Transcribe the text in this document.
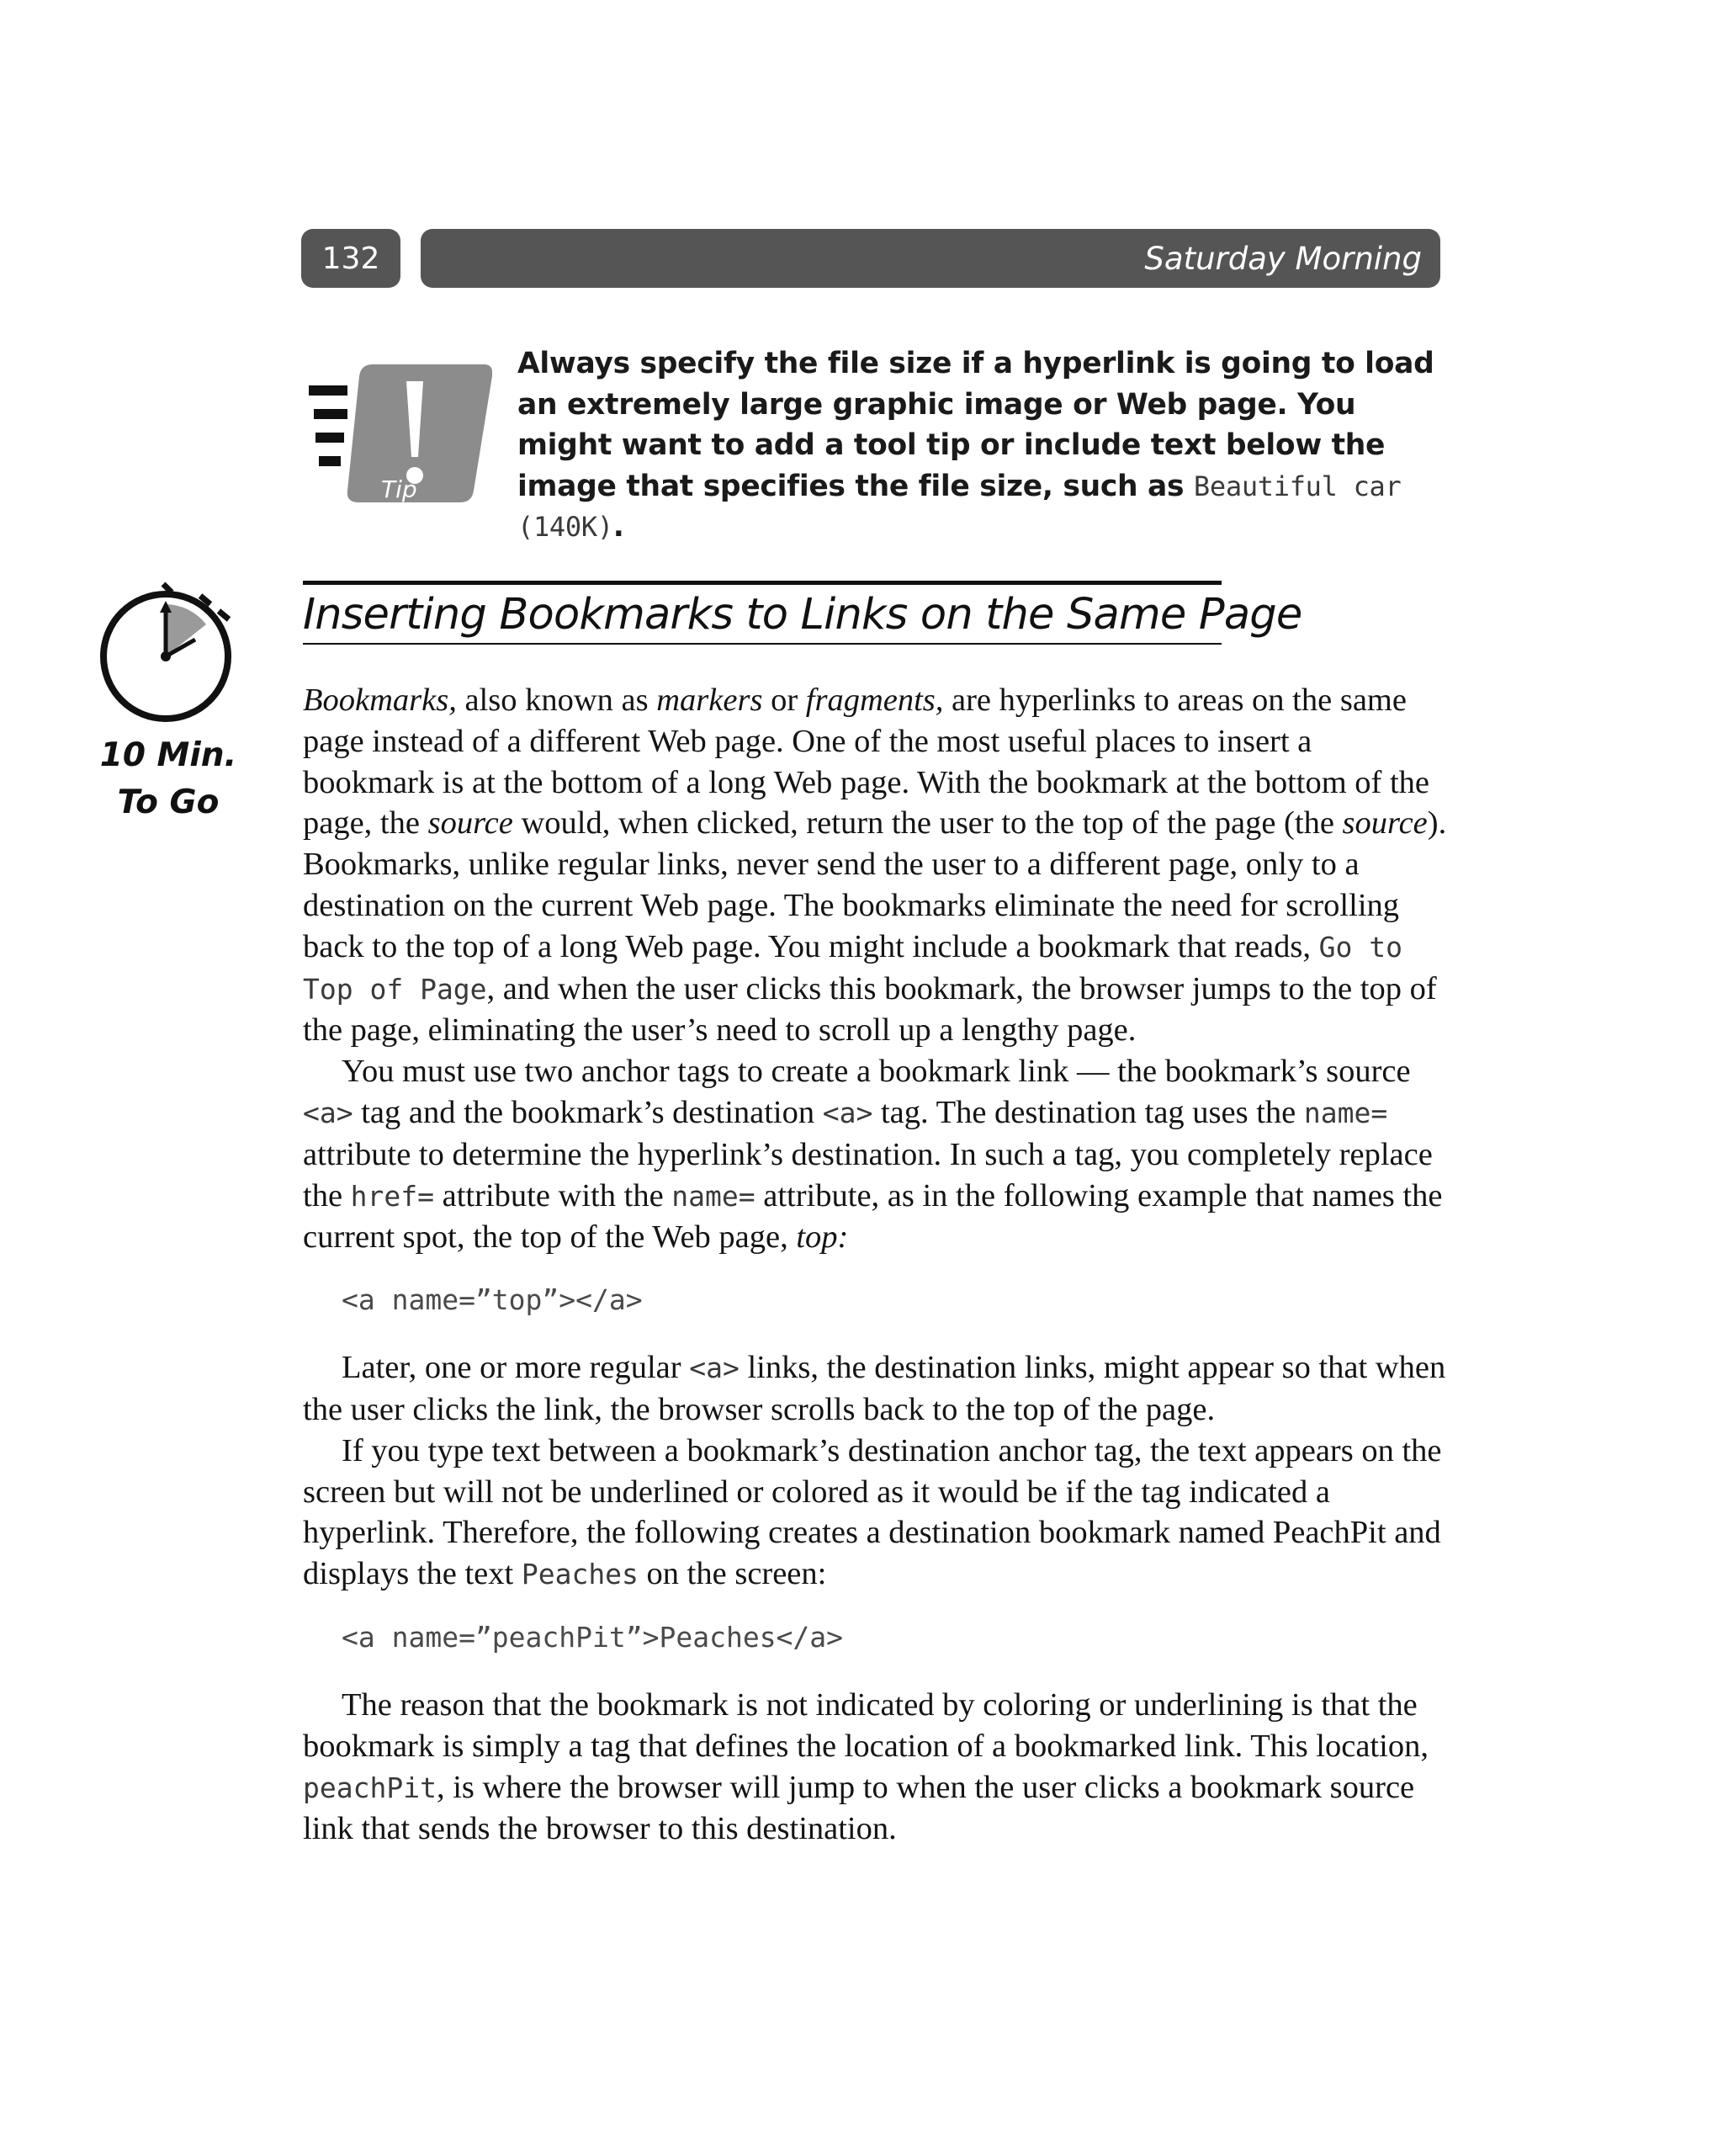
132	Saturday Morning
Tip
Always specify the file size if a hyperlink is going to load an extremely large graphic image or Web page. You might want to add a tool tip or include text below the image that specifies the file size, such as Beautiful car (140K).
10 Min.
To Go
Inserting Bookmarks to Links on the Same Page

Bookmarks, also known as markers or fragments, are hyperlinks to areas on the same page instead of a different Web page. One of the most useful places to insert a bookmark is at the bottom of a long Web page. With the bookmark at the bottom of the page, the source would, when clicked, return the user to the top of the page (the source). Bookmarks, unlike regular links, never send the user to a different page, only to a destination on the current Web page. The bookmarks eliminate the need for scrolling back to the top of a long Web page. You might include a bookmark that reads, Go to Top of Page, and when the user clicks this bookmark, the browser jumps to the top of the page, eliminating the user’s need to scroll up a lengthy page.

You must use two anchor tags to create a bookmark link — the bookmark’s source <a> tag and the bookmark’s destination <a> tag. The destination tag uses the name= attribute to determine the hyperlink’s destination. In such a tag, you completely replace the href= attribute with the name= attribute, as in the following example that names the current spot, the top of the Web page, top:

<a name=”top”></a>

Later, one or more regular <a> links, the destination links, might appear so that when the user clicks the link, the browser scrolls back to the top of the page.

If you type text between a bookmark’s destination anchor tag, the text appears on the screen but will not be underlined or colored as it would be if the tag indicated a hyperlink. Therefore, the following creates a destination bookmark named PeachPit and displays the text Peaches on the screen:

<a name=”peachPit”>Peaches</a>

The reason that the bookmark is not indicated by coloring or underlining is that the bookmark is simply a tag that defines the location of a bookmarked link. This location, peachPit, is where the browser will jump to when the user clicks a bookmark source link that sends the browser to this destination.
